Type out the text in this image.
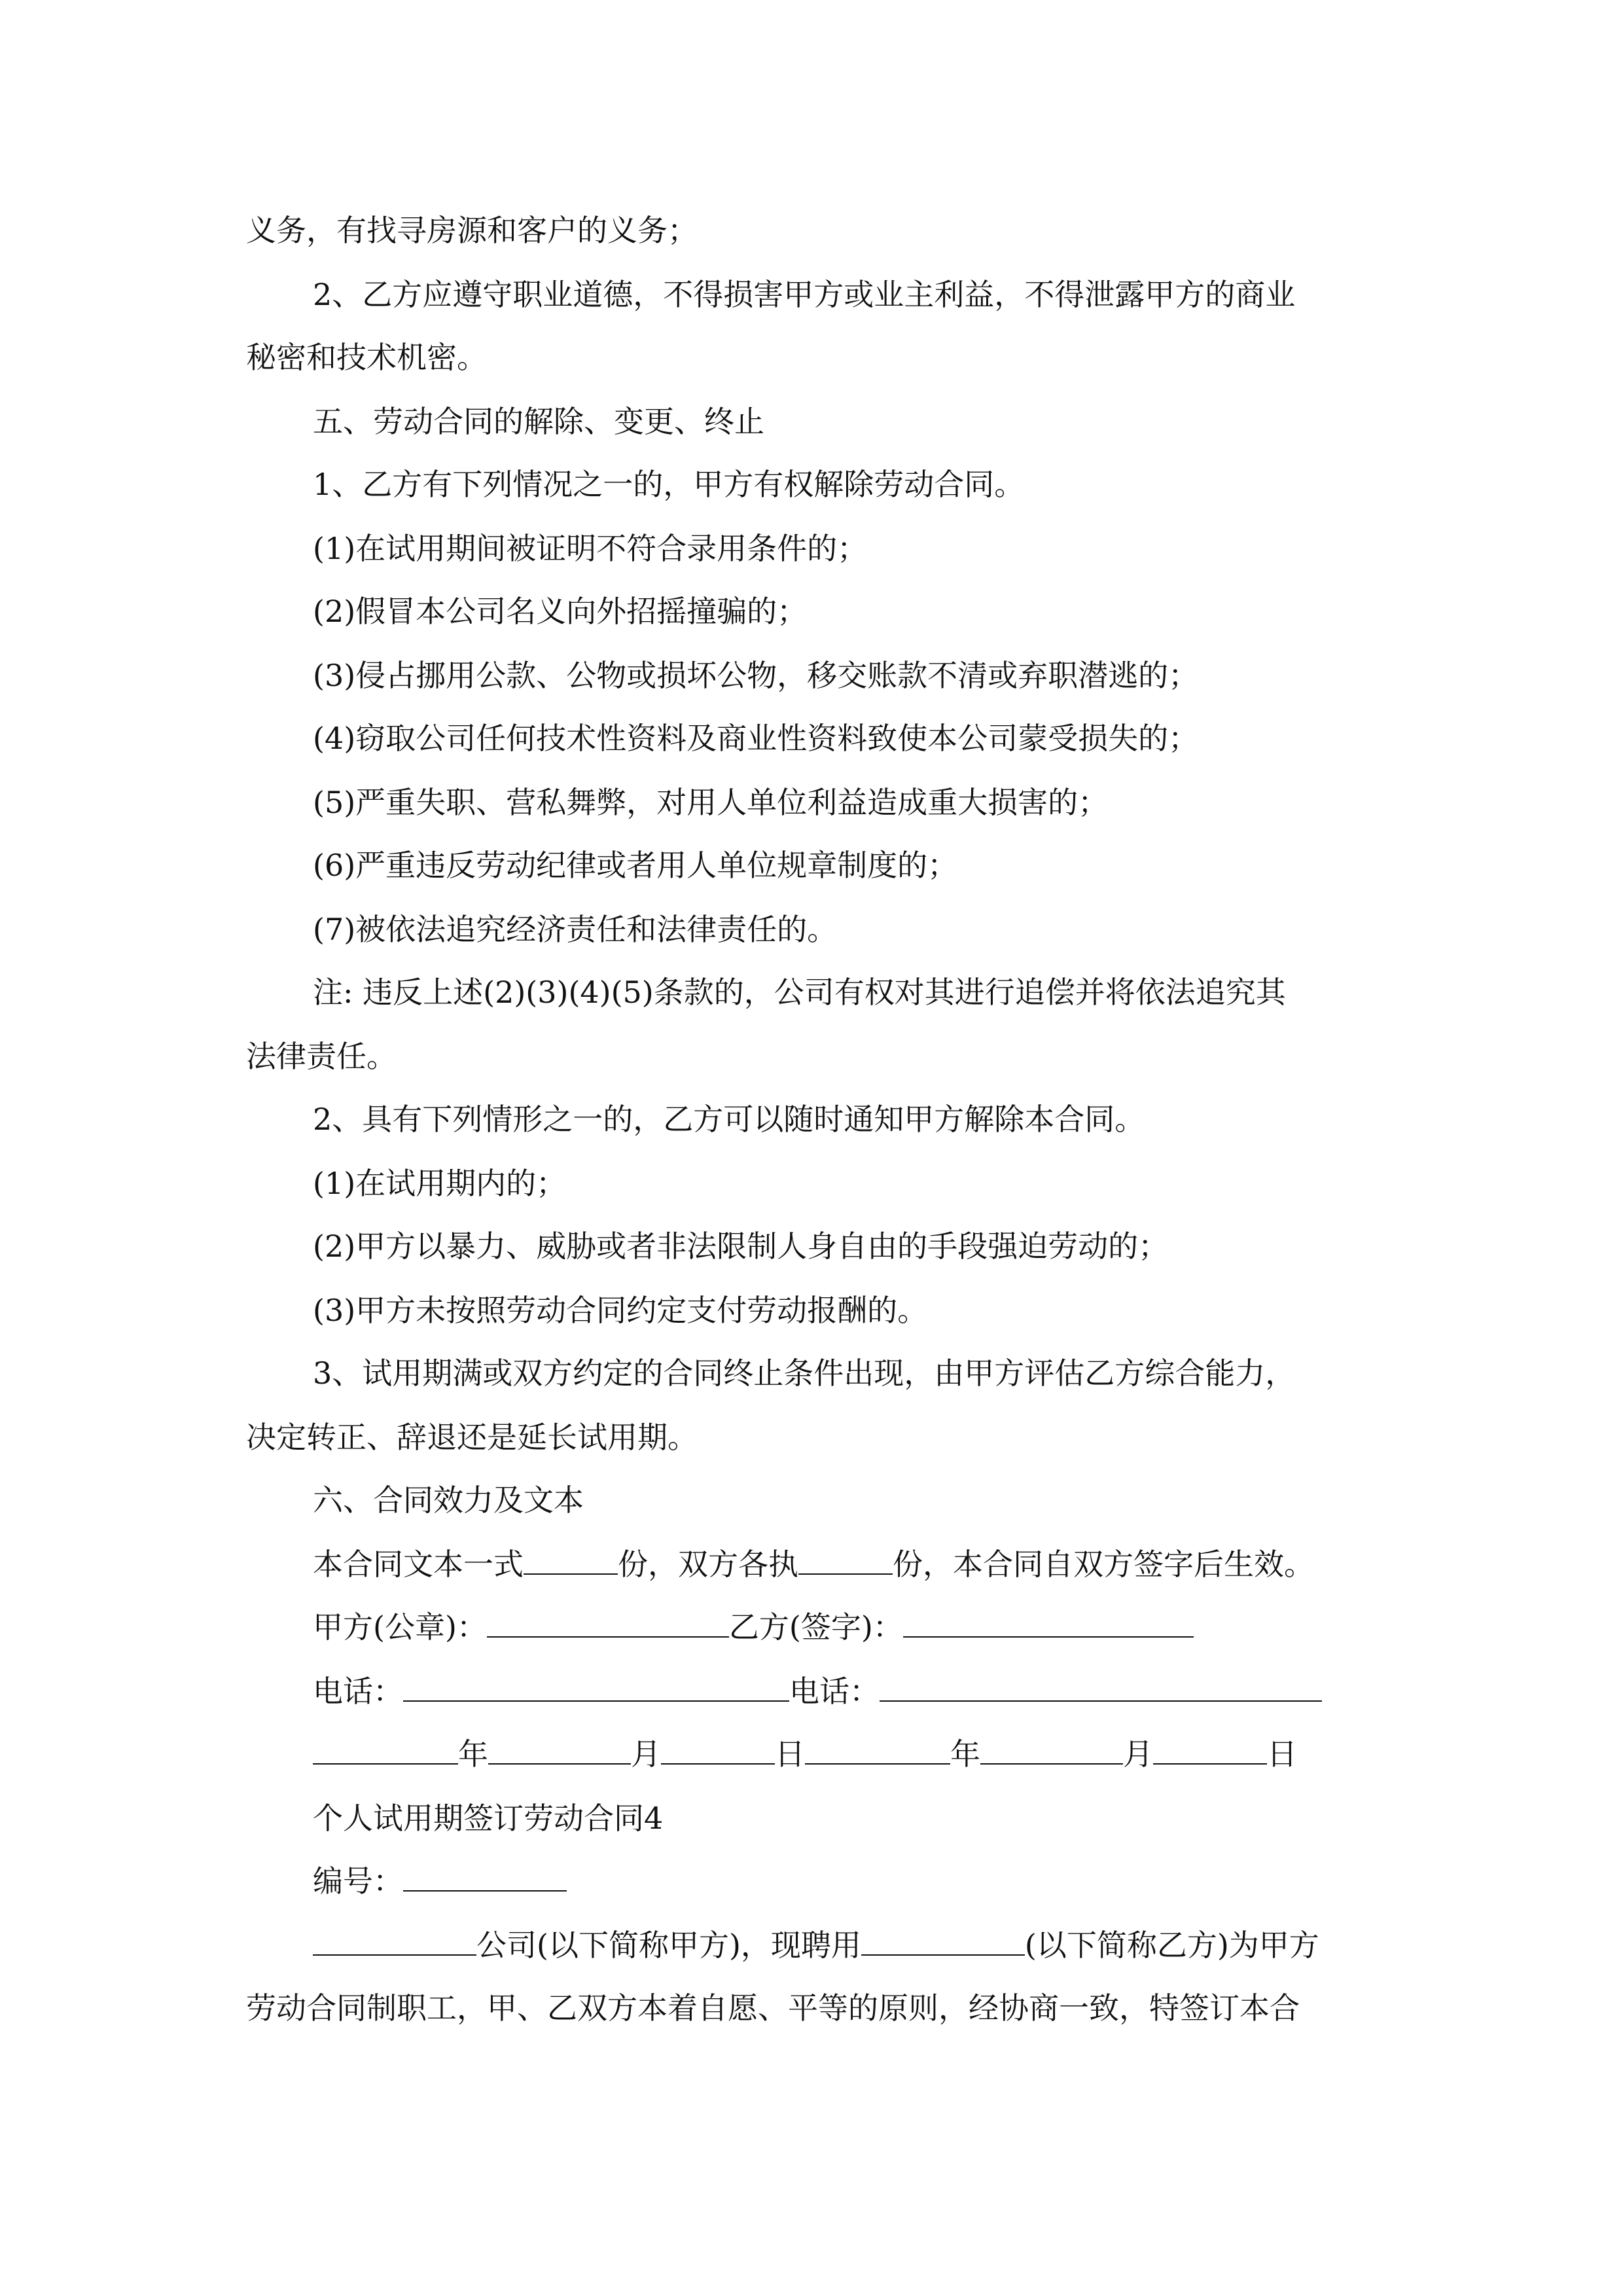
义务，有找寻房源和客户的义务；
2、乙方应遵守职业道德，不得损害甲方或业主利益，不得泄露甲方的商业
秘密和技术机密。
五、劳动合同的解除、变更、终止
1、乙方有下列情况之一的，甲方有权解除劳动合同。
(1)在试用期间被证明不符合录用条件的；
(2)假冒本公司名义向外招摇撞骗的；
(3)侵占挪用公款、公物或损坏公物，移交账款不清或弃职潜逃的；
(4)窃取公司任何技术性资料及商业性资料致使本公司蒙受损失的；
(5)严重失职、营私舞弊，对用人单位利益造成重大损害的；
(6)严重违反劳动纪律或者用人单位规章制度的；
(7)被依法追究经济责任和法律责任的。
注: 违反上述(2)(3)(4)(5)条款的，公司有权对其进行追偿并将依法追究其
法律责任。
2、具有下列情形之一的，乙方可以随时通知甲方解除本合同。
(1)在试用期内的；
(2)甲方以暴力、威胁或者非法限制人身自由的手段强迫劳动的；
(3)甲方未按照劳动合同约定支付劳动报酬的。
3、试用期满或双方约定的合同终止条件出现，由甲方评估乙方综合能力，
决定转正、辞退还是延长试用期。
六、合同效力及文本
本合同文本一式	份，双方各执	份，本合同自双方签字后生效。
甲方(公章)：	乙方(签字)：
电话：	电话：
年	月	日	年	月	日
个人试用期签订劳动合同4
编号：
公司(以下简称甲方)，现聘用	(以下简称乙方)为甲方
劳动合同制职工，甲、乙双方本着自愿、平等的原则，经协商一致，特签订本合
